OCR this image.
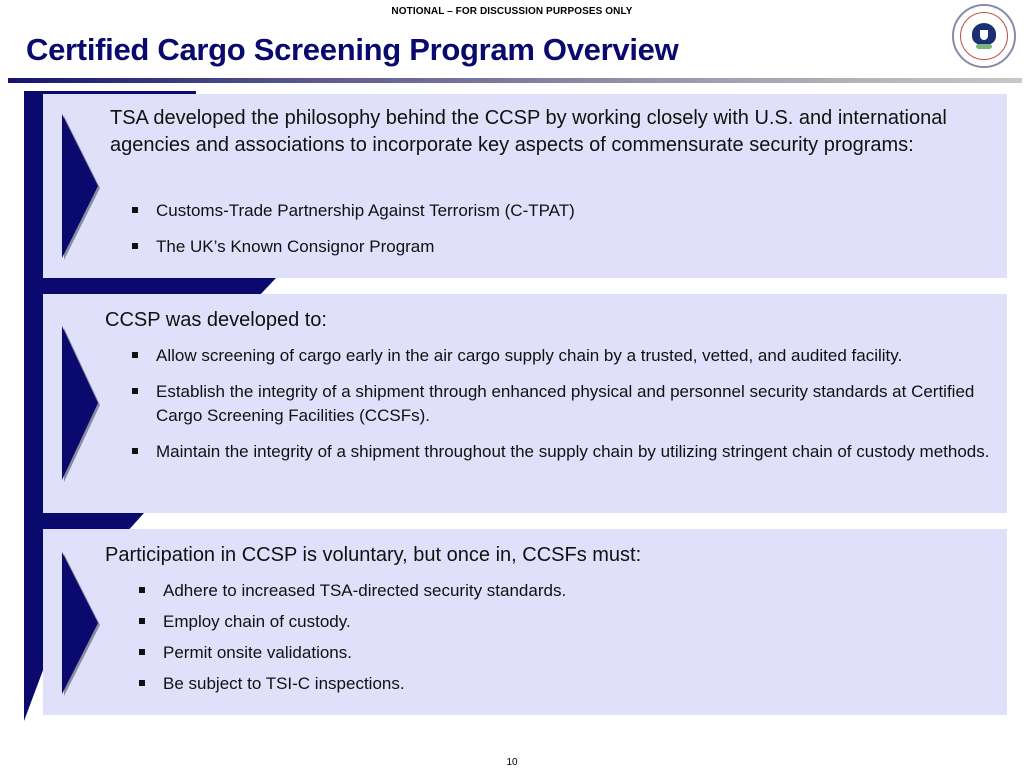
NOTIONAL – FOR DISCUSSION PURPOSES ONLY
Certified Cargo Screening Program Overview
TSA developed the philosophy behind the CCSP by working closely with U.S. and international agencies and associations to incorporate key aspects of commensurate security programs:
Customs-Trade Partnership Against Terrorism (C-TPAT)
The UK’s Known Consignor Program
CCSP was developed to:
Allow screening of cargo early in the air cargo supply chain by a trusted, vetted, and audited facility.
Establish the integrity of a shipment through enhanced physical and personnel security standards at Certified Cargo Screening Facilities (CCSFs).
Maintain the integrity of a shipment throughout the supply chain by utilizing stringent chain of custody methods.
Participation in CCSP is voluntary, but once in, CCSFs must:
Adhere to increased TSA-directed security standards.
Employ chain of custody.
Permit onsite validations.
Be subject to TSI-C inspections.
10
